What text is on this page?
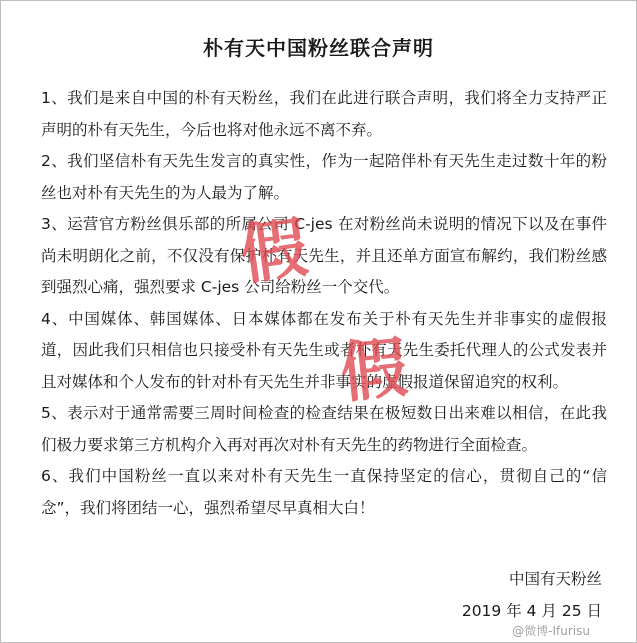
朴有天中国粉丝联合声明

1、我们是来自中国的朴有天粉丝，我们在此进行联合声明，我们将全力支持严正声明的朴有天先生，今后也将对他永远不离不弃。

2、我们坚信朴有天先生发言的真实性，作为一起陪伴朴有天先生走过数十年的粉丝也对朴有天先生的为人最为了解。

3、运营官方粉丝俱乐部的所属公司 C-jes 在对粉丝尚未说明的情况下以及在事件尚未明朗化之前，不仅没有保护朴有天先生，并且还单方面宣布解约，我们粉丝感到强烈心痛，强烈要求 C-jes 公司给粉丝一个交代。

4、中国媒体、韩国媒体、日本媒体都在发布关于朴有天先生并非事实的虚假报道，因此我们只相信也只接受朴有天先生或者朴有天先生委托代理人的公式发表并且对媒体和个人发布的针对朴有天先生并非事实的虚假报道保留追究的权利。

5、表示对于通常需要三周时间检查的检查结果在极短数日出来难以相信，在此我们极力要求第三方机构介入再对再次对朴有天先生的药物进行全面检查。

6、我们中国粉丝一直以来对朴有天先生一直保持坚定的信心，贯彻自己的“信念”，我们将团结一心，强烈希望尽早真相大白！

中国有天粉丝
2019 年 4 月 25 日
假
假
@微博-Ifurisu
